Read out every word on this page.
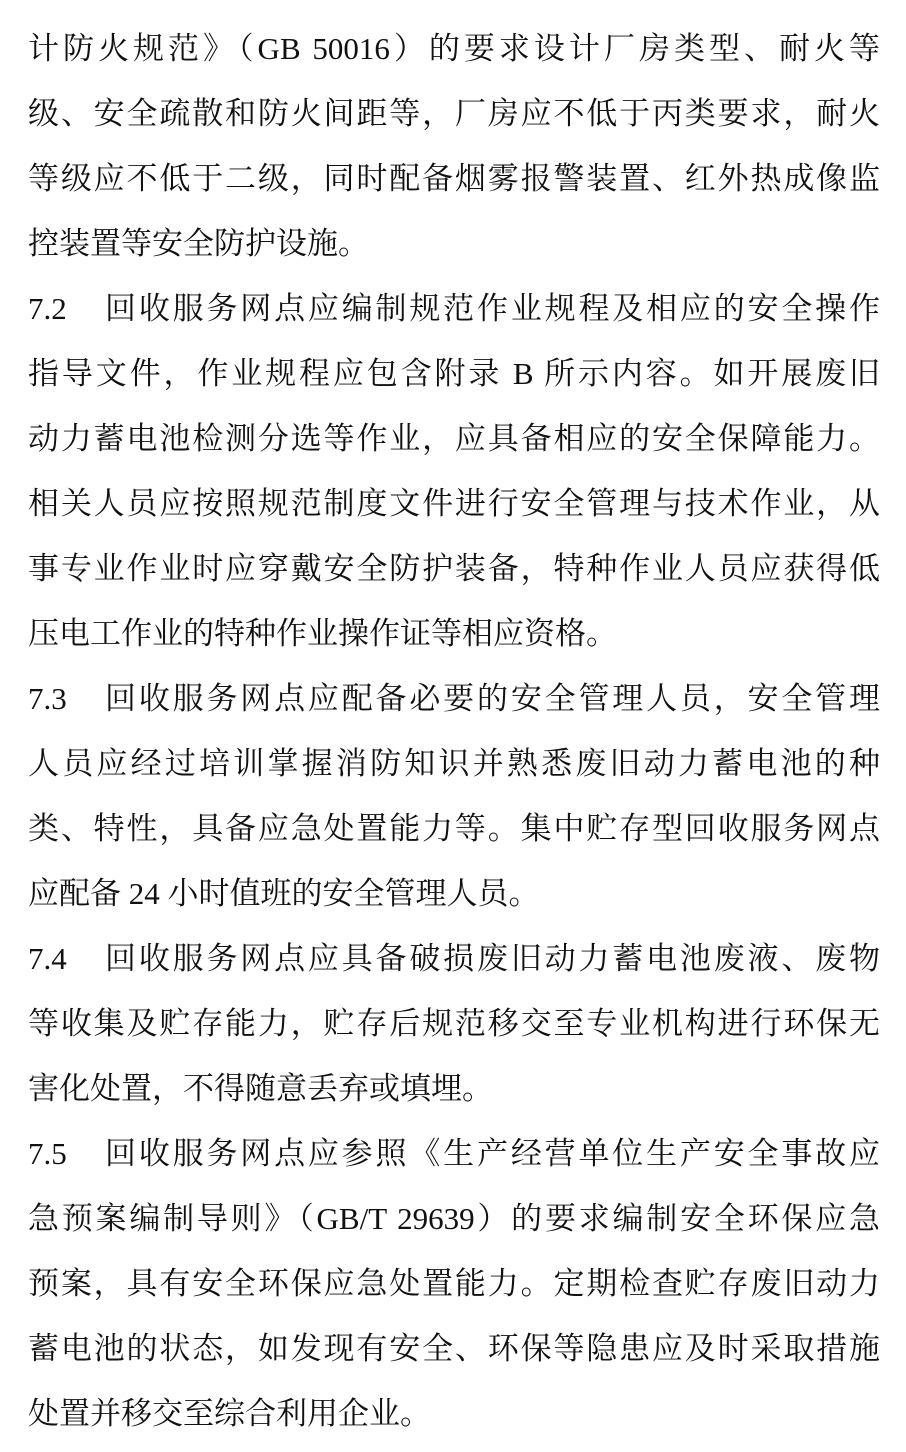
计防火规范》（GB 50016）的要求设计厂房类型、耐火等
级、安全疏散和防火间距等，厂房应不低于丙类要求，耐火
等级应不低于二级，同时配备烟雾报警装置、红外热成像监
控装置等安全防护设施。
7.2	回收服务网点应编制规范作业规程及相应的安全操作
指导文件，作业规程应包含附录 B 所示内容。如开展废旧
动力蓄电池检测分选等作业，应具备相应的安全保障能力。
相关人员应按照规范制度文件进行安全管理与技术作业，从
事专业作业时应穿戴安全防护装备，特种作业人员应获得低
压电工作业的特种作业操作证等相应资格。
7.3	回收服务网点应配备必要的安全管理人员，安全管理
人员应经过培训掌握消防知识并熟悉废旧动力蓄电池的种
类、特性，具备应急处置能力等。集中贮存型回收服务网点
应配备 24 小时值班的安全管理人员。
7.4	回收服务网点应具备破损废旧动力蓄电池废液、废物
等收集及贮存能力，贮存后规范移交至专业机构进行环保无
害化处置，不得随意丢弃或填埋。
7.5	回收服务网点应参照《生产经营单位生产安全事故应
急预案编制导则》（GB/T 29639）的要求编制安全环保应急
预案，具有安全环保应急处置能力。定期检查贮存废旧动力
蓄电池的状态，如发现有安全、环保等隐患应及时采取措施
处置并移交至综合利用企业。
